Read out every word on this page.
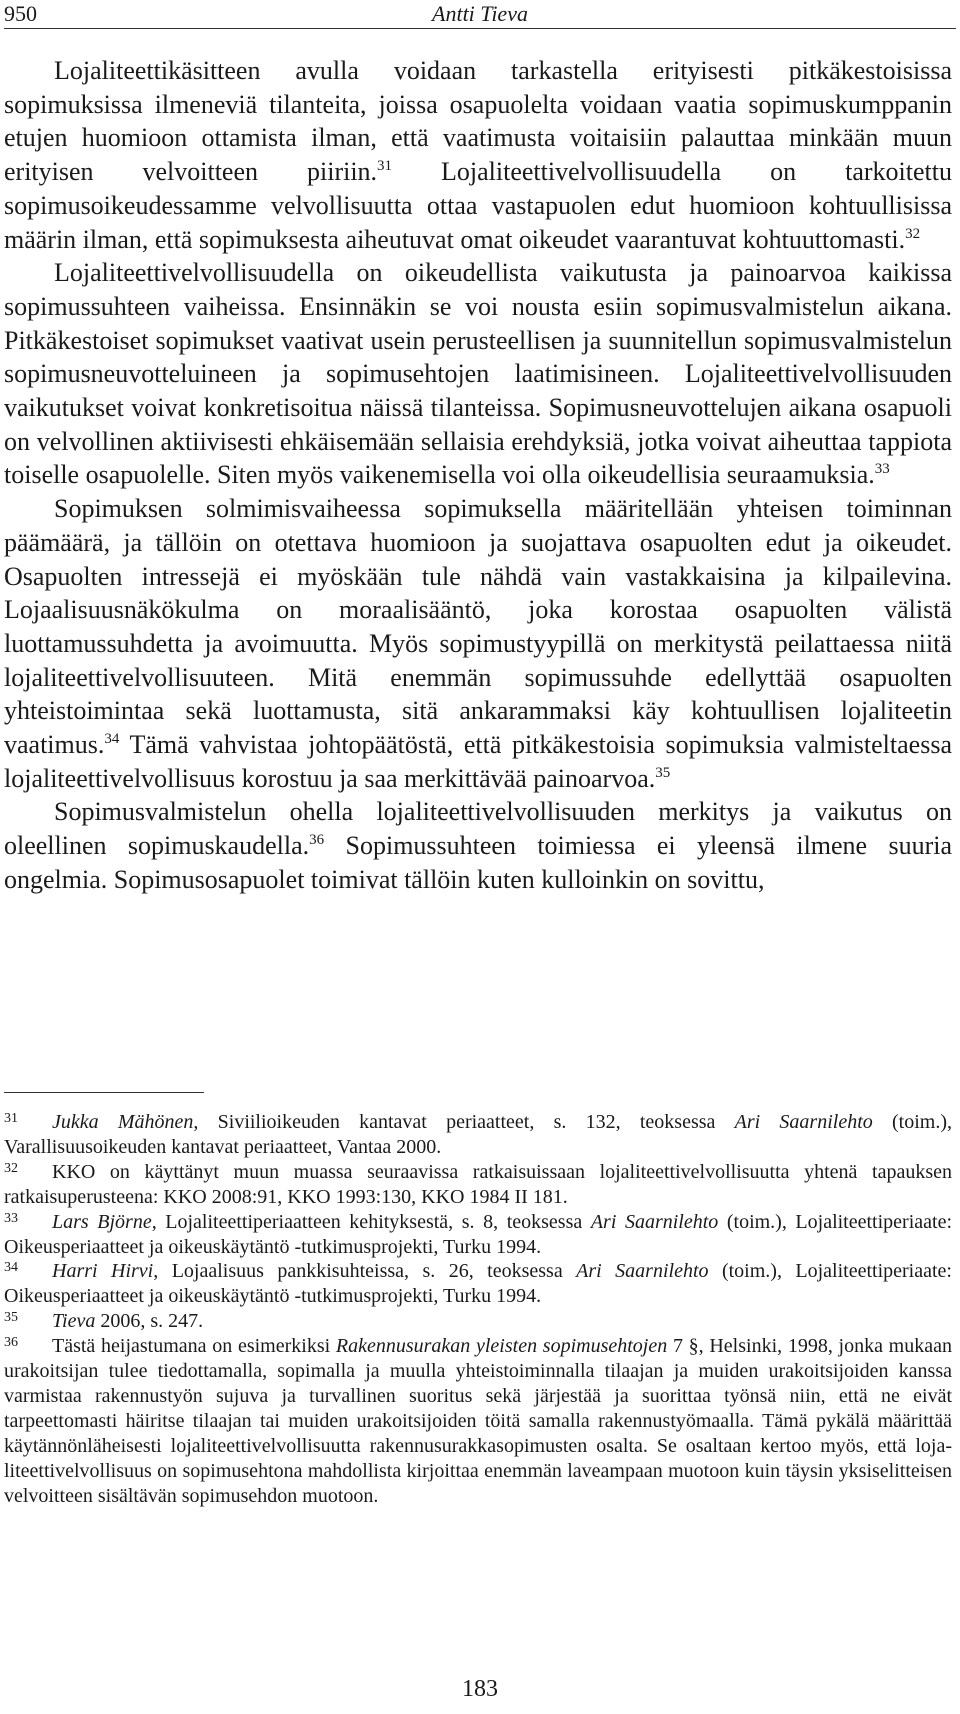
950	Antti Tieva

Lojaliteettikäsitteen avulla voidaan tarkastella erityisesti pitkäkestoisissa sopimuksissa ilmeneviä tilanteita, joissa osapuolelta voidaan vaatia sopimuskumppanin etujen huomioon ottamista ilman, että vaatimusta voitaisiin palauttaa minkään muun erityisen velvoitteen piiriin.$^{31}$ Lojaliteettivelvollisuudella on tarkoitettu sopimusoikeudessamme velvollisuutta ottaa vastapuolen edut huomioon kohtuullisissa määrin ilman, että sopimuksesta aiheutuvat omat oikeudet vaarantuvat kohtuuttomasti.$^{32}$

Lojaliteettivelvollisuudella on oikeudellista vaikutusta ja painoarvoa kaikissa sopimussuhteen vaiheissa. Ensinnäkin se voi nousta esiin sopimusvalmistelun aikana. Pitkäkestoiset sopimukset vaativat usein perusteellisen ja suunnitellun sopimusvalmistelun sopimusneuvotteluineen ja sopimusehtojen laatimisineen. Lojaliteettivelvollisuuden vaikutukset voivat konkretisoitua näissä tilanteissa. Sopimusneuvottelujen aikana osapuoli on velvollinen aktiivisesti ehkäisemään sellaisia erehdyksiä, jotka voivat aiheuttaa tappiota toiselle osapuolelle. Siten myös vaikenemisella voi olla oikeudellisia seuraamuksia.$^{33}$

Sopimuksen solmimisvaiheessa sopimuksella määritellään yhteisen toiminnan päämäärä, ja tällöin on otettava huomioon ja suojattava osapuolten edut ja oikeudet. Osapuolten intressejä ei myöskään tule nähdä vain vastakkaisina ja kilpailevina. Lojaalisuusnäkökulma on moraalisääntö, joka korostaa osapuolten välistä luottamussuhdetta ja avoimuutta. Myös sopimustyypillä on merkitystä peilattaessa niitä lojaliteettivelvollisuuteen. Mitä enemmän sopimussuhde edellyttää osapuolten yhteistoimintaa sekä luottamusta, sitä ankarammaksi käy kohtuullisen lojaliteetin vaatimus.$^{34}$ Tämä vahvistaa johtopäätöstä, että pitkäkestoisia sopimuksia valmisteltaessa lojaliteettivelvollisuus korostuu ja saa merkittävää painoarvoa.$^{35}$

Sopimusvalmistelun ohella lojaliteettivelvollisuuden merkitys ja vaikutus on oleellinen sopimuskaudella.$^{36}$ Sopimussuhteen toimiessa ei yleensä ilmene suuria ongelmia. Sopimusosapuolet toimivat tällöin kuten kulloinkin on sovittu,

31 Jukka Mähönen, Siviilioikeuden kantavat periaatteet, s. 132, teoksessa Ari Saarnilehto (toim.), Varallisuusoikeuden kantavat periaatteet, Vantaa 2000.

32 KKO on käyttänyt muun muassa seuraavissa ratkaisuissaan lojaliteettivelvollisuutta yhtenä tapauksen ratkaisuperusteena: KKO 2008:91, KKO 1993:130, KKO 1984 II 181.

33 Lars Björne, Lojaliteettiperiaatteen kehityksestä, s. 8, teoksessa Ari Saarnilehto (toim.), Lojaliteettiperiaate: Oikeusperiaatteet ja oikeuskäytäntö -tutkimusprojekti, Turku 1994.

34 Harri Hirvi, Lojaalisuus pankkisuhteissa, s. 26, teoksessa Ari Saarnilehto (toim.), Lojaliteettiperiaate: Oikeusperiaatteet ja oikeuskäytäntö -tutkimusprojekti, Turku 1994.

35 Tieva 2006, s. 247.

36 Tästä heijastumana on esimerkiksi Rakennusurakan yleisten sopimusehtojen 7 §, Helsinki, 1998, jonka mukaan urakoitsijan tulee tiedottamalla, sopimalla ja muulla yhteistoiminnalla tilaajan ja muiden urakoitsijoiden kanssa varmistaa rakennustyön sujuva ja turvallinen suoritus sekä järjestää ja suorittaa työnsä niin, että ne eivät tarpeettomasti häiritse tilaajan tai muiden urakoitsijoiden töitä samalla rakennustyömaalla. Tämä pykälä määrittää käytännönläheisesti lojaliteettivelvollisuutta rakennusurakkasopimusten osalta. Se osaltaan kertoo myös, että lojaliteettivelvollisuus on sopimusehtona mahdollista kirjoittaa enemmän laveampaan muotoon kuin täysin yksiselitteisen velvoitteen sisältävän sopimusehdon muotoon.

183
